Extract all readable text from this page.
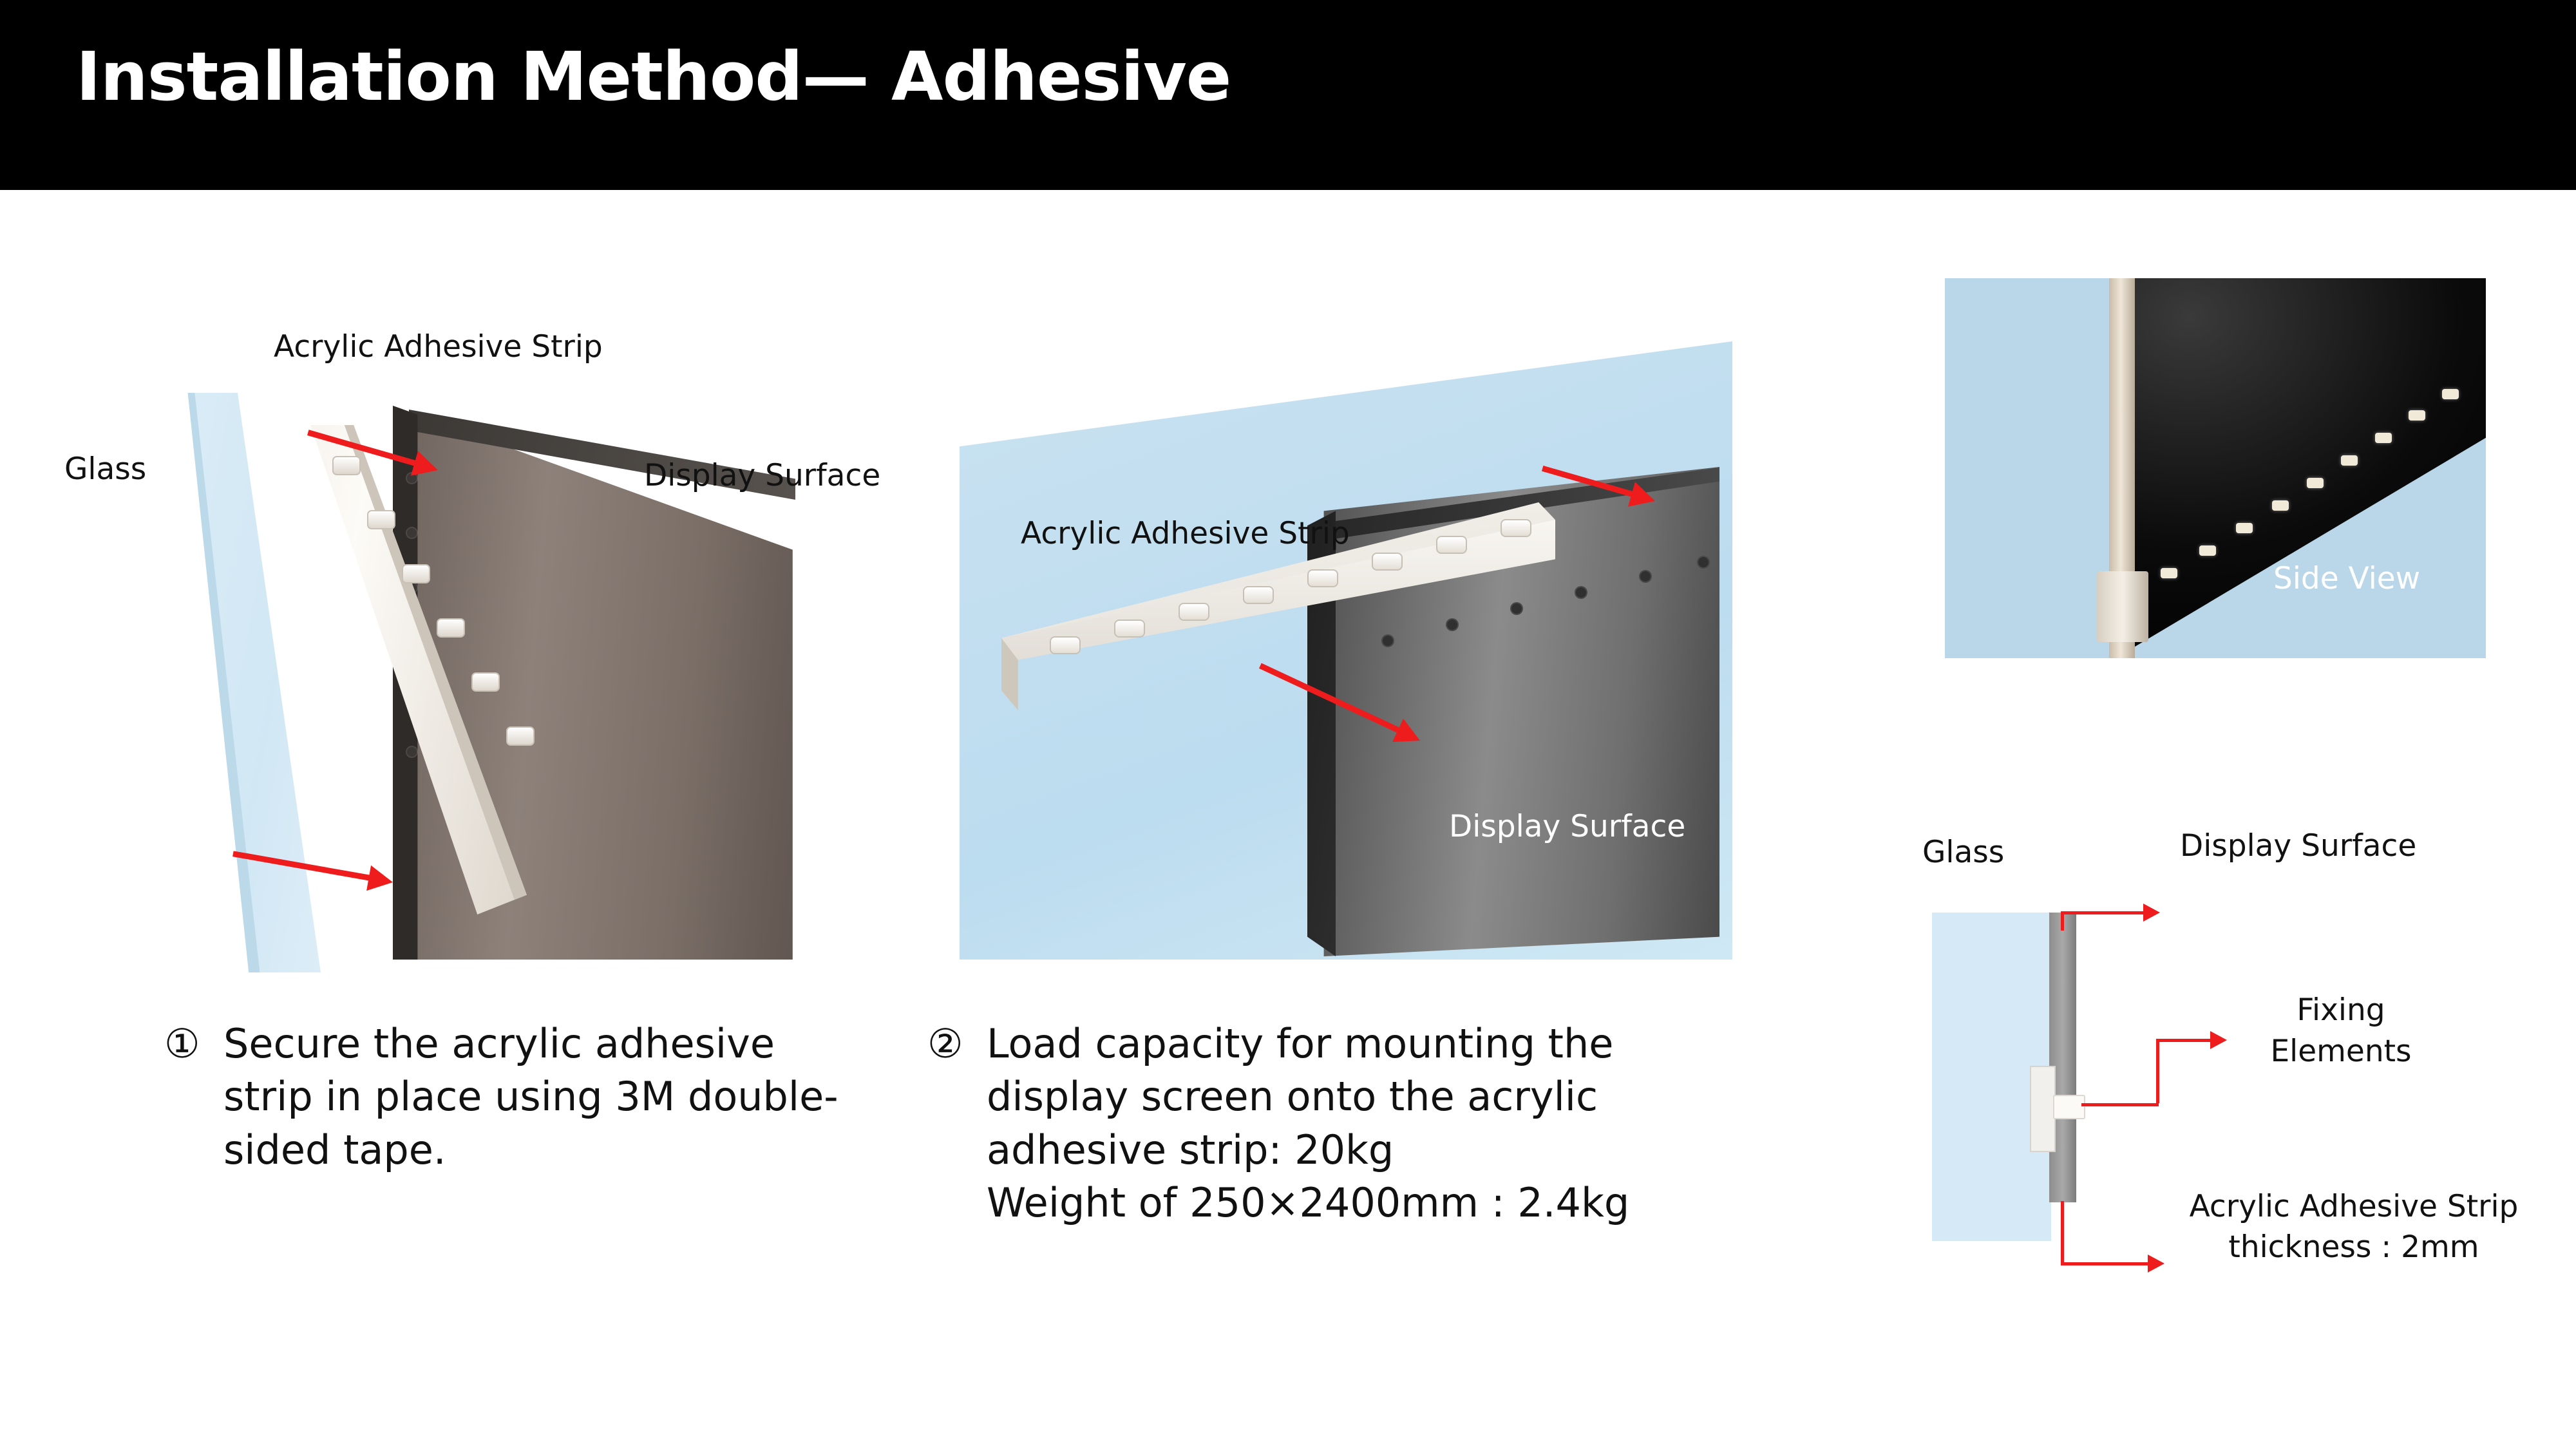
Installation Method— Adhesive
Acrylic Adhesive Strip
Glass	Display Surface
Acrylic Adhesive Strip
Display Surface
Side View
Glass	Display Surface
Fixing
Elements
Acrylic Adhesive Strip
thickness : 2mm
① Secure the acrylic adhesive strip in place using 3M double-sided tape.
② Load capacity for mounting the display screen onto the acrylic adhesive strip: 20kg
Weight of 250×2400mm : 2.4kg
